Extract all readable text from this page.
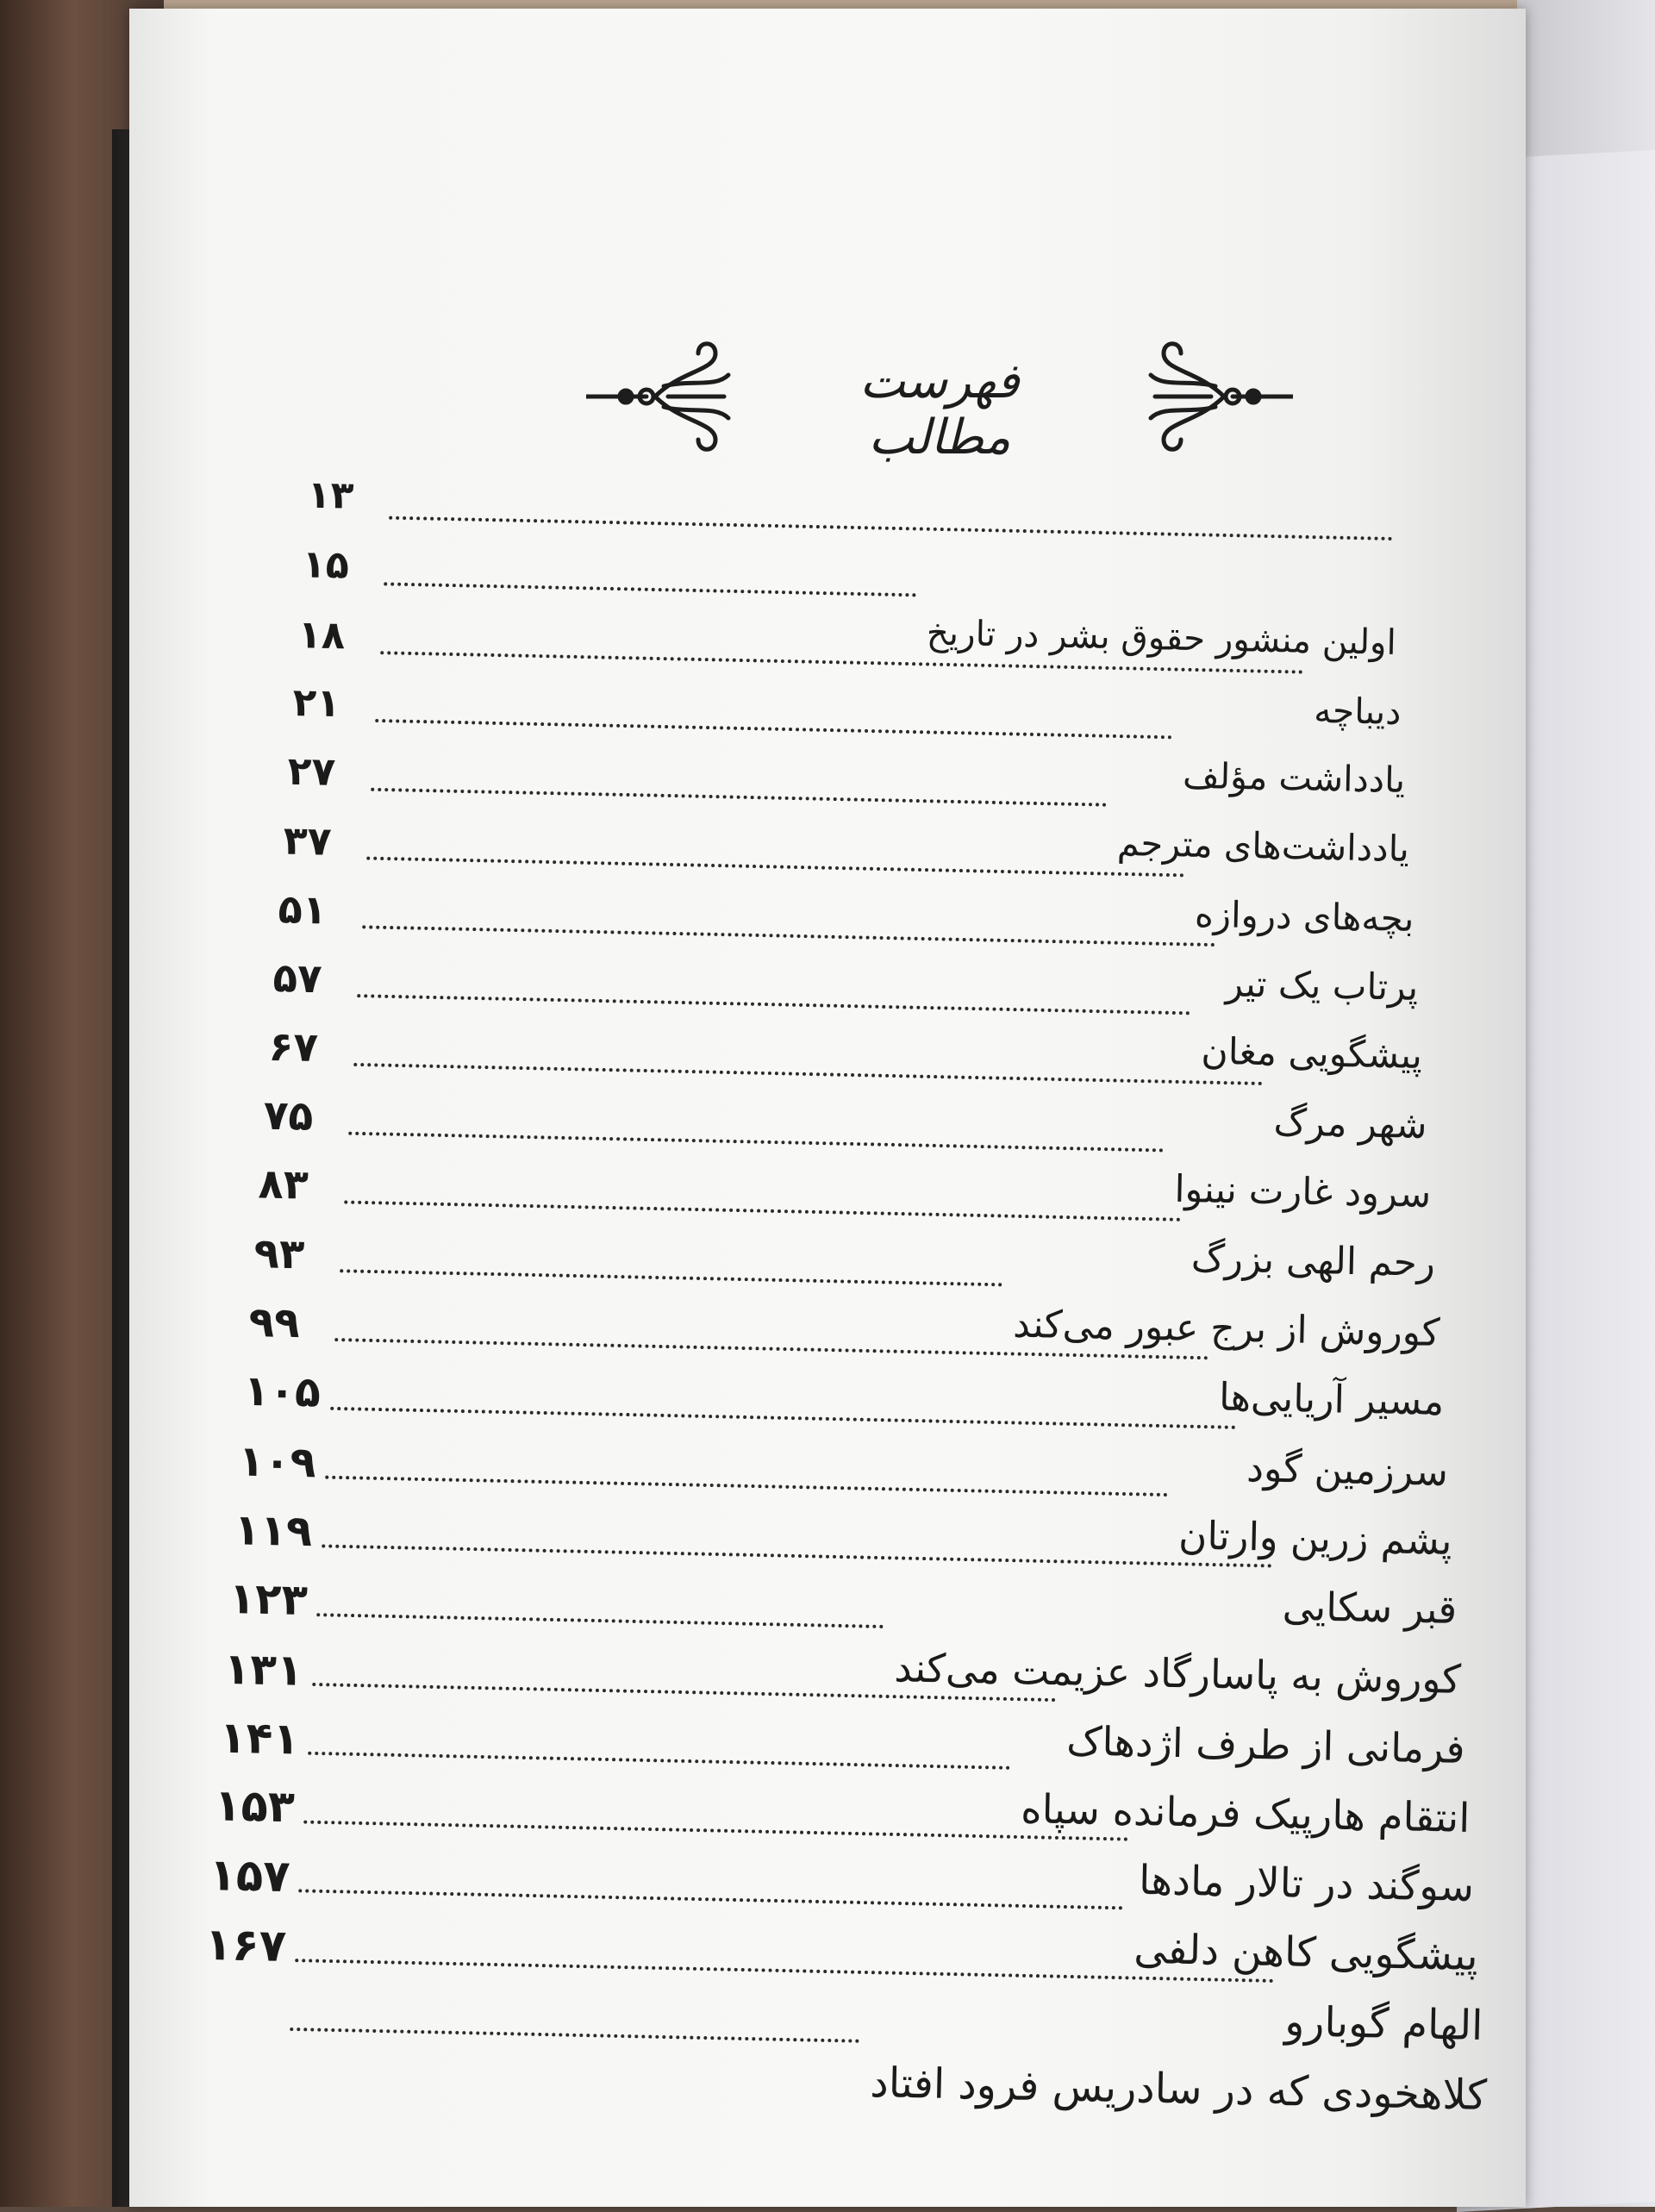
فهرست مطالب
۱۳
۱۵
اولین منشور حقوق بشر در تاریخ
۱۸
دیباچه
۲۱
یادداشت مؤلف
۲۷
یادداشت‌های مترجم
۳۷
بچه‌های دروازه
۵۱
پرتاب یک تیر
۵۷
پیشگویی مغان
۶۷
شهر مرگ
۷۵
سرود غارت نینوا
۸۳
رحم الهی بزرگ
۹۳
کوروش از برج عبور می‌کند
۹۹
مسیر آریایی‌ها
۱۰۵
سرزمین گود
۱۰۹
پشم زرین وارتان
۱۱۹
قبر سکایی
۱۲۳
کوروش به پاسارگاد عزیمت می‌کند
۱۳۱
فرمانی از طرف اژدهاک
۱۴۱
انتقام هارپیک فرمانده سپاه
۱۵۳
سوگند در تالار مادها
۱۵۷
پیشگویی کاهن دلفی
۱۶۷
الهام گوبارو
کلاهخودی که در سادریس فرود افتاد
